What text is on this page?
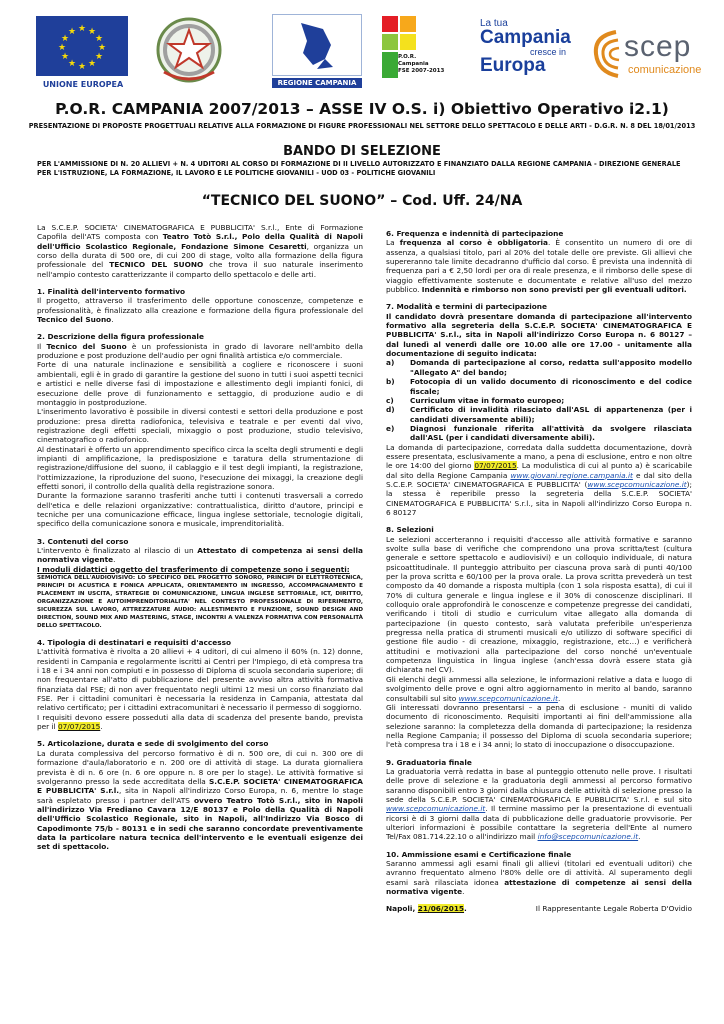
★ ★
★
★
★
★
★
★
★
★
★
★
UNIONE EUROPEA	REGIONE CAMPANIA
P.O.R.
Campania
FSE 2007-2013
La tua
Campania
cresce in
Europa
scep
comunicazione
P.O.R. CAMPANIA 2007/2013 – ASSE IV O.S. i) Obiettivo Operativo i2.1)
PRESENTAZIONE DI PROPOSTE PROGETTUALI RELATIVE ALLA FORMAZIONE DI FIGURE PROFESSIONALI NEL SETTORE DELLO SPETTACOLO E DELLE ARTI - D.G.R. N. 8 DEL 18/01/2013
BANDO DI SELEZIONE
PER L'AMMISSIONE DI N. 20 ALLIEVI + N. 4 UDITORI AL CORSO DI FORMAZIONE DI II LIVELLO AUTORIZZATO E FINANZIATO DALLA REGIONE CAMPANIA - DIREZIONE GENERALE PER L'ISTRUZIONE, LA FORMAZIONE, IL LAVORO E LE POLITICHE GIOVANILI - UOD 03 - POLITICHE GIOVANILI
“TECNICO DEL SUONO” – Cod. Uff. 24/NA

La S.C.E.P. SOCIETA' CINEMATOGRAFICA E PUBBLICITA' S.r.l., Ente di Formazione Capofila dell'ATS composta con Teatro Totò S.r.l., Polo della Qualità di Napoli dell'Ufficio Scolastico Regionale, Fondazione Simone Cesaretti, organizza un corso della durata di 500 ore, di cui 200 di stage, volto alla formazione della figura professionale del TECNICO DEL SUONO che trova il suo naturale inserimento nell'ampio contesto caratterizzante il comparto dello spettacolo e delle arti.

1. Finalità dell'intervento formativo

Il progetto, attraverso il trasferimento delle opportune conoscenze, competenze e professionalità, è finalizzato alla creazione e formazione della figura professionale del Tecnico del Suono.

2. Descrizione della figura professionale

Il Tecnico del Suono è un professionista in grado di lavorare nell'ambito della produzione e post produzione dell'audio per ogni finalità artistica e/o commerciale.

Forte di una naturale inclinazione e sensibilità a cogliere e riconoscere i suoni ambientali, egli è in grado di garantire la gestione del suono in tutti i suoi aspetti tecnici e artistici e nelle diverse fasi di impostazione e allestimento degli impianti fonici, di esecuzione delle prove di funzionamento e settaggio, di produzione audio e di montaggio in postproduzione.

L'inserimento lavorativo è possibile in diversi contesti e settori della produzione e post produzione: presa diretta radiofonica, televisiva e teatrale e per eventi dal vivo, registrazione degli effetti speciali, mixaggio o post produzione, studio televisivo, cinematografico o radiofonico.

Al destinatari è offerto un apprendimento specifico circa la scelta degli strumenti e degli impianti di amplificazione, la predisposizione e taratura della strumentazione di registrazione/diffusione del suono, il cablaggio e il test degli impianti, la registrazione, l'ottimizzazione, la riproduzione del suono, l'esecuzione dei mixaggi, la creazione degli effetti sonori, il controllo della qualità della registrazione sonora.

Durante la formazione saranno trasferiti anche tutti i contenuti trasversali a corredo dell'etica e delle relazioni organizzative: contrattualistica, diritto d'autore, principi e tecniche per una comunicazione efficace, lingua inglese settoriale, tecnologie digitali, specifico della comunicazione sonora e musicale, imprenditorialità.

3. Contenuti del corso

L'intervento è finalizzato al rilascio di un Attestato di competenza ai sensi della normativa vigente.

I moduli didattici oggetto del trasferimento di competenze sono i seguenti:

SEMIOTICA DELL'AUDIOVISIVO: LO SPECIFICO DEL PROGETTO SONORO, PRINCIPI DI ELETTROTECNICA, PRINCIPI DI ACUSTICA E FONICA APPLICATA, ORIENTAMENTO IN INGRESSO, ACCOMPAGNAMENTO E PLACEMENT IN USCITA, STRATEGIE DI COMUNICAZIONE, LINGUA INGLESE SETTORIALE, ICT, DIRITTO, ORGANIZZAZIONE E AUTOIMPRENDITORIALITA' NEL CONTESTO PROFESSIONALE DI RIFERIMENTO, SICUREZZA SUL LAVORO, ATTREZZATURE AUDIO: ALLESTIMENTO E FUNZIONE, SOUND DESIGN AND DIRECTION, SOUND MIX AND MASTERING, STAGE, INCONTRI A VALENZA FORMATIVA CON PERSONALITÀ DELLO SPETTACOLO.

4. Tipologia di destinatari e requisiti d'accesso

L'attività formativa è rivolta a 20 allievi + 4 uditori, di cui almeno il 60% (n. 12) donne, residenti in Campania e regolarmente iscritti ai Centri per l'Impiego, di età compresa tra i 18 e i 34 anni non compiuti e in possesso di Diploma di scuola secondaria superiore; di non frequentare all'atto di pubblicazione del presente avviso altra attività formativa finanziata dal FSE; di non aver frequentato negli ultimi 12 mesi un corso finanziato dal FSE. Per i cittadini comunitari è necessaria la residenza in Campania, attestata dal relativo certificato; per i cittadini extracomunitari è necessario il permesso di soggiorno.

I requisiti devono essere posseduti alla data di scadenza del presente bando, prevista per il 07/07/2015.

5. Articolazione, durata e sede di svolgimento del corso

La durata complessiva del percorso formativo è di n. 500 ore, di cui n. 300 ore di formazione d'aula/laboratorio e n. 200 ore di attività di stage. La durata giornaliera prevista è di n. 6 ore (n. 6 ore oppure n. 8 ore per lo stage). Le attività formative si svolgeranno presso la sede accreditata della S.C.E.P. SOCIETA' CINEMATOGRAFICA E PUBBLICITA' S.r.l., sita in Napoli all'indirizzo Corso Europa, n. 6, mentre lo stage sarà espletato presso i partner dell'ATS ovvero Teatro Totò S.r.l., sito in Napoli all'indirizzo Via Frediano Cavara 12/E 80137 e Polo della Qualità di Napoli dell'Ufficio Scolastico Regionale, sito in Napoli, all'Indirizzo Via Bosco di Capodimonte 75/b - 80131 e in sedi che saranno concordate preventivamente data la particolare natura tecnica dell'intervento e le eventuali esigenze dei set di spettacolo.

6. Frequenza e indennità di partecipazione

La frequenza al corso è obbligatoria. È consentito un numero di ore di assenza, a qualsiasi titolo, pari al 20% del totale delle ore previste. Gli allievi che supereranno tale limite decadranno d'ufficio dal corso. È prevista una indennità di frequenza pari a € 2,50 lordi per ora di reale presenza, e il rimborso delle spese di viaggio effettivamente sostenute e documentate e relative all'uso del mezzo pubblico. Indennità e rimborso non sono previsti per gli eventuali uditori.

7. Modalità e termini di partecipazione

Il candidato dovrà presentare domanda di partecipazione all'intervento formativo alla segreteria della S.C.E.P. SOCIETA' CINEMATOGRAFICA E PUBBLICITA' S.r.l., sita in Napoli all'indirizzo Corso Europa n. 6 80127 – dal lunedì al venerdì dalle ore 10.00 alle ore 17.00 - unitamente alla documentazione di seguito indicata:

a)	Domanda di partecipazione al corso, redatta sull'apposito modello "Allegato A" del bando;
b)	Fotocopia di un valido documento di riconoscimento e del codice fiscale;
c)	Curriculum vitae in formato europeo;
d)	Certificato di invalidità rilasciato dall'ASL di appartenenza (per i candidati diversamente abili);
e)	Diagnosi funzionale riferita all'attività da svolgere rilasciata dall'ASL (per i candidati diversamente abili).

La domanda di partecipazione, corredata dalla suddetta documentazione, dovrà essere presentata, esclusivamente a mano, a pena di esclusione, entro e non oltre le ore 14:00 del giorno 07/07/2015. La modulistica di cui al punto a) è scaricabile dal sito della Regione Campania www.giovani.regione.campania.it e dal sito della S.C.E.P. SOCIETA' CINEMATOGRAFICA E PUBBLICITA' (www.scepcomunicazione.it); la stessa è reperibile presso la segreteria della S.C.E.P. SOCIETA' CINEMATOGRAFICA E PUBBLICITA' S.r.l., sita in Napoli all'indirizzo Corso Europa n. 6 80127

8. Selezioni

Le selezioni accerteranno i requisiti d'accesso alle attività formative e saranno svolte sulla base di verifiche che comprendono una prova scritta/test (cultura generale e settore spettacolo e audiovisivi) e un colloquio individuale, di natura psicoattitudinale. Il punteggio attribuito per ciascuna prova sarà di punti 40/100 per la prova scritta e 60/100 per la prova orale. La prova scritta prevederà un test composto da 40 domande a risposta multipla (con 1 sola risposta esatta), di cui il 70% di cultura generale e lingua inglese e il 30% di conoscenze disciplinari. Il colloquio orale approfondirà le conoscenze e competenze pregresse dei candidati, verificando i titoli di studio e curriculum vitae allegato alla domanda di partecipazione (in questo contesto, sarà valutata preferibile un'esperienza pregressa nella pratica di strumenti musicali e/o utilizzo di software specifici di gestione file audio - di creazione, mixaggio, registrazione, etc…) e verificherà attitudini e motivazioni alla partecipazione del corso nonché un'eventuale competenza linguistica in lingua inglese (anch'essa dovrà essere stata già dichiarata nel CV).

Gli elenchi degli ammessi alla selezione, le informazioni relative a data e luogo di svolgimento delle prove e ogni altro aggiornamento in merito al bando, saranno consultabili sul sito www.scepcomunicazione.it.

Gli interessati dovranno presentarsi – a pena di esclusione - muniti di valido documento di riconoscimento. Requisiti importanti ai fini dell'ammissione alla selezione saranno: la completezza della domanda di partecipazione; la residenza nella Regione Campania; il possesso del Diploma di scuola secondaria superiore; l'età compresa tra i 18 e i 34 anni; lo stato di inoccupazione o disoccupazione.

9. Graduatoria finale

La graduatoria verrà redatta in base al punteggio ottenuto nelle prove. I risultati delle prove di selezione e la graduatoria degli ammessi al percorso formativo saranno disponibili entro 3 giorni dalla chiusura delle attività di selezione presso la sede della S.C.E.P. SOCIETA' CINEMATOGRAFICA E PUBBLICITA' S.r.l. e sul sito www.scepcomunicazione.it. Il termine massimo per la presentazione di eventuali ricorsi è di 3 giorni dalla data di pubblicazione delle graduatorie provvisorie. Per ulteriori informazioni è possibile contattare la segreteria dell'Ente al numero Tel/Fax 081.714.22.10 o all'indirizzo mail info@scepcomunicazione.it.

10. Ammissione esami e Certificazione finale

Saranno ammessi agli esami finali gli allievi (titolari ed eventuali uditori) che avranno frequentato almeno l'80% delle ore di attività. Al superamento degli esami sarà rilasciata idonea attestazione di competenze ai sensi della normativa vigente.

Napoli, 21/06/2015.	Il Rappresentante Legale Roberta D'Ovidio
